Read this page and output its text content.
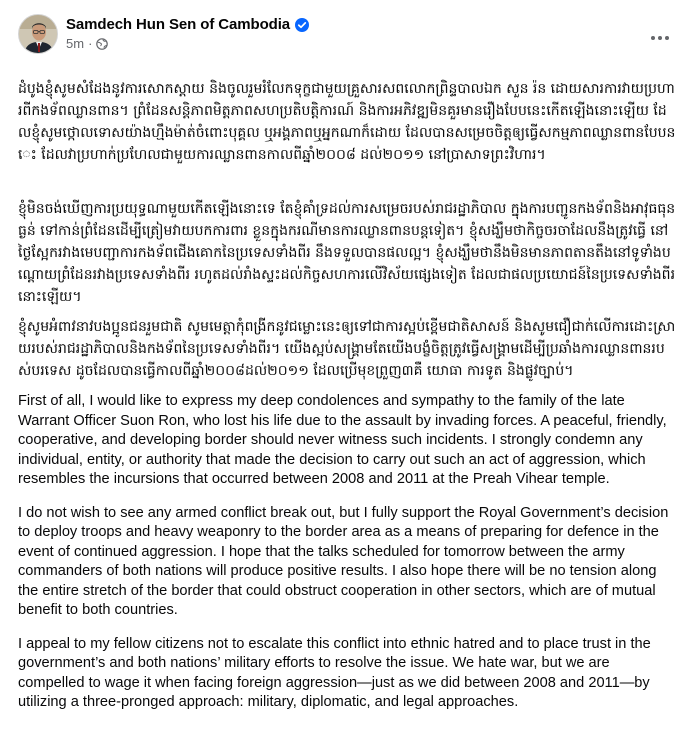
Samdech Hun Sen of Cambodia
5m ·
ដំបូងខ្ញុំសូមសំដែងនូវការសោកស្ដាយ និងចូលរួមរំលែកទុក្ខជាមួយគ្រួសារសពលោកព្រិន្ទបាលឯក សួន រ៉ន ដោយសារការវាយប្រហារពីកងទ័ពឈ្លានពាន។ ព្រំដែនសន្តិភាពមិត្តភាពសហប្រតិបត្តិការណ៍ និងការអភិវឌ្ឍមិនគួរមានរឿងបែបនេះកើតឡើងនោះឡើយ ដែលខ្ញុំសូមថ្កោលទោសយ៉ាងហ្មឹងម៉ាត់ចំពោះបុគ្គល ឬអង្គភាពឬអ្នកណាក៏ដោយ ដែលបានសម្រេចចិត្តឲ្យធ្វើសកម្មភាពឈ្លានពានបែបនេះ ដែលវាប្រហាក់ប្រហែលជាមួយការឈ្លានពានកាលពីឆ្នាំ២០០៨ ដល់២០១១ នៅប្រាសាទព្រះវិហារ។
ខ្ញុំមិនចង់ឃើញការប្រយុទ្ធណាមួយកើតឡើងនោះទេ តែខ្ញុំគាំទ្រដល់ការសម្រេចរបស់រាជរដ្ឋាភិបាល ក្នុងការបញ្ជូនកងទ័ពនិងអាវុធធុនធ្ងន់ ទៅកាន់ព្រំដែនដើម្បីត្រៀមវាយបកការពារ ខ្លួនក្នុងករណីមានការឈ្លានពានបន្តទៀត។ ខ្ញុំសង្ឃឹមថាកិច្ចចរចាដែលនឹងត្រូវធ្វើ នៅថ្ងៃស្អែករវាងមេបញ្ជាការកងទ័ពជើងគោកនៃប្រទេសទាំងពីរ នឹងទទួលបានផលល្អ។ ខ្ញុំសង្ឃឹមថានឹងមិនមានភាពតានតឹងនៅទូទាំងបណ្ដោយព្រំដែនរវាងប្រទេសទាំងពីរ រហូតដល់រាំងស្ទះដល់កិច្ចសហការលើវិស័យផ្សេងទៀត ដែលជាផលប្រយោជន៍នៃប្រទេសទាំងពីរនោះឡើយ។
ខ្ញុំសូមអំពាវនាវបងប្អូនជនរួមជាតិ សូមមេត្តាកុំពង្រីកនូវជម្លោះនេះឲ្យទៅជាការស្អប់ខ្ពើមជាតិសាសន៍ និងសូមជឿជាក់លើការដោះស្រាយរបស់រាជរដ្ឋាភិបាលនិងកងទ័ពនៃប្រទេសទាំងពីរ។ យើងស្អប់សង្គ្រាមតែយើងបង្ខំចិត្តត្រូវធ្វើសង្គ្រាមដើម្បីប្រឆាំងការឈ្លានពានរបស់បរទេស ដូចដែលបានធ្វើកាលពីឆ្នាំ២០០៨ដល់២០១១ ដែលប្រើមុខព្រួញ៣គឺ យោធា ការទូត និងផ្លូវច្បាប់។

First of all, I would like to express my deep condolences and sympathy to the family of the late Warrant Officer Suon Ron, who lost his life due to the assault by invading forces. A peaceful, friendly, cooperative, and developing border should never witness such incidents. I strongly condemn any individual, entity, or authority that made the decision to carry out such an act of aggression, which resembles the incursions that occurred between 2008 and 2011 at the Preah Vihear temple.

I do not wish to see any armed conflict break out, but I fully support the Royal Government’s decision to deploy troops and heavy weaponry to the border area as a means of preparing for defence in the event of continued aggression. I hope that the talks scheduled for tomorrow between the army commanders of both nations will produce positive results. I also hope there will be no tension along the entire stretch of the border that could obstruct cooperation in other sectors, which are of mutual benefit to both countries.

I appeal to my fellow citizens not to escalate this conflict into ethnic hatred and to place trust in the government’s and both nations’ military efforts to resolve the issue. We hate war, but we are compelled to wage it when facing foreign aggression—just as we did between 2008 and 2011—by utilizing a three-pronged approach: military, diplomatic, and legal approaches.
